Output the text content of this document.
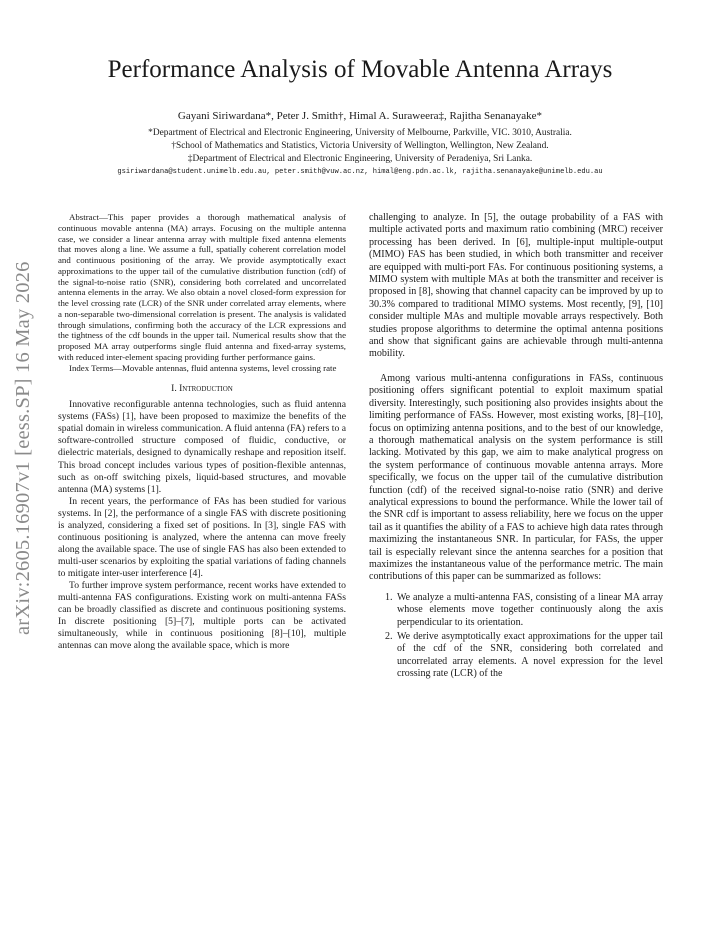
arXiv:2605.16907v1 [eess.SP] 16 May 2026
Performance Analysis of Movable Antenna Arrays
Gayani Siriwardana*, Peter J. Smith†, Himal A. Suraweera‡, Rajitha Senanayake*
*Department of Electrical and Electronic Engineering, University of Melbourne, Parkville, VIC. 3010, Australia.
†School of Mathematics and Statistics, Victoria University of Wellington, Wellington, New Zealand.
‡Department of Electrical and Electronic Engineering, University of Peradeniya, Sri Lanka.
gsiriwardana@student.unimelb.edu.au, peter.smith@vuw.ac.nz, himal@eng.pdn.ac.lk, rajitha.senanayake@unimelb.edu.au

Abstract—This paper provides a thorough mathematical analysis of continuous movable antenna (MA) arrays. Focusing on the multiple antenna case, we consider a linear antenna array with multiple fixed antenna elements that moves along a line. We assume a full, spatially coherent correlation model and continuous positioning of the array. We provide asymptotically exact approximations to the upper tail of the cumulative distribution function (cdf) of the signal-to-noise ratio (SNR), considering both correlated and uncorrelated antenna elements in the array. We also obtain a novel closed-form expression for the level crossing rate (LCR) of the SNR under correlated array elements, where a non-separable two-dimensional correlation is present. The analysis is validated through simulations, confirming both the accuracy of the LCR expressions and the tightness of the cdf bounds in the upper tail. Numerical results show that the proposed MA array outperforms single fluid antenna and fixed-array systems, with reduced inter-element spacing providing further performance gains.

Index Terms—Movable antennas, fluid antenna systems, level crossing rate

I. Introduction

Innovative reconfigurable antenna technologies, such as fluid antenna systems (FASs) [1], have been proposed to maximize the benefits of the spatial domain in wireless communication. A fluid antenna (FA) refers to a software-controlled structure composed of fluidic, conductive, or dielectric materials, designed to dynamically reshape and reposition itself. This broad concept includes various types of position-flexible antennas, such as on-off switching pixels, liquid-based structures, and movable antenna (MA) systems [1].

In recent years, the performance of FAs has been studied for various systems. In [2], the performance of a single FAS with discrete positioning is analyzed, considering a fixed set of positions. In [3], single FAS with continuous positioning is analyzed, where the antenna can move freely along the available space. The use of single FAS has also been extended to multi-user scenarios by exploiting the spatial variations of fading channels to mitigate inter-user interference [4].

To further improve system performance, recent works have extended to multi-antenna FAS configurations. Existing work on multi-antenna FASs can be broadly classified as discrete and continuous positioning systems. In discrete positioning [5]–[7], multiple ports can be activated simultaneously, while in continuous positioning [8]–[10], multiple antennas can move along the available space, which is more

challenging to analyze. In [5], the outage probability of a FAS with multiple activated ports and maximum ratio combining (MRC) receiver processing has been derived. In [6], multiple-input multiple-output (MIMO) FAS has been studied, in which both transmitter and receiver are equipped with multi-port FAs. For continuous positioning systems, a MIMO system with multiple MAs at both the transmitter and receiver is proposed in [8], showing that channel capacity can be improved by up to 30.3% compared to traditional MIMO systems. Most recently, [9], [10] consider multiple MAs and multiple movable arrays respectively. Both studies propose algorithms to determine the optimal antenna positions and show that significant gains are achievable through multi-antenna mobility.

Among various multi-antenna configurations in FASs, continuous positioning offers significant potential to exploit maximum spatial diversity. Interestingly, such positioning also provides insights about the limiting performance of FASs. However, most existing works, [8]–[10], focus on optimizing antenna positions, and to the best of our knowledge, a thorough mathematical analysis on the system performance is still lacking. Motivated by this gap, we aim to make analytical progress on the system performance of continuous movable antenna arrays. More specifically, we focus on the upper tail of the cumulative distribution function (cdf) of the received signal-to-noise ratio (SNR) and derive analytical expressions to bound the performance. While the lower tail of the SNR cdf is important to assess reliability, here we focus on the upper tail as it quantifies the ability of a FAS to achieve high data rates through maximizing the instantaneous SNR. In particular, for FASs, the upper tail is especially relevant since the antenna searches for a position that maximizes the instantaneous value of the performance metric. The main contributions of this paper can be summarized as follows:

1. We analyze a multi-antenna FAS, consisting of a linear MA array whose elements move together continuously along the axis perpendicular to its orientation.
2. We derive asymptotically exact approximations for the upper tail of the cdf of the SNR, considering both correlated and uncorrelated array elements. A novel expression for the level crossing rate (LCR) of the
